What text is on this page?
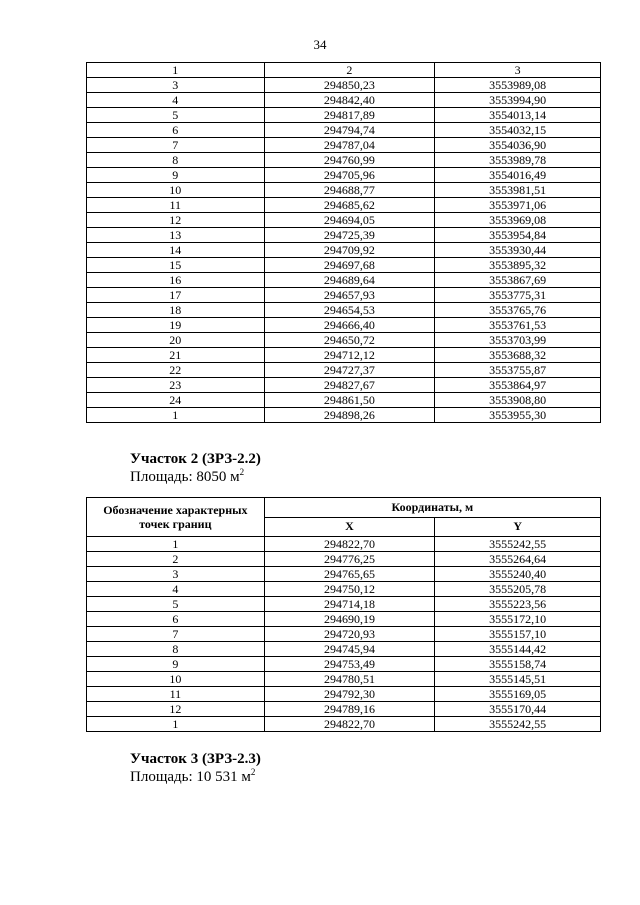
34
1	2	3
3	294850,23	3553989,08
4	294842,40	3553994,90
5	294817,89	3554013,14
6	294794,74	3554032,15
7	294787,04	3554036,90
8	294760,99	3553989,78
9	294705,96	3554016,49
10	294688,77	3553981,51
11	294685,62	3553971,06
12	294694,05	3553969,08
13	294725,39	3553954,84
14	294709,92	3553930,44
15	294697,68	3553895,32
16	294689,64	3553867,69
17	294657,93	3553775,31
18	294654,53	3553765,76
19	294666,40	3553761,53
20	294650,72	3553703,99
21	294712,12	3553688,32
22	294727,37	3553755,87
23	294827,67	3553864,97
24	294861,50	3553908,80
1	294898,26	3553955,30
Участок 2 (ЗРЗ-2.2)
Площадь: 8050 $м^2$
Обозначение характерных точек границ	Координаты, м	
	X	Y
1	294822,70	3555242,55
2	294776,25	3555264,64
3	294765,65	3555240,40
4	294750,12	3555205,78
5	294714,18	3555223,56
6	294690,19	3555172,10
7	294720,93	3555157,10
8	294745,94	3555144,42
9	294753,49	3555158,74
10	294780,51	3555145,51
11	294792,30	3555169,05
12	294789,16	3555170,44
1	294822,70	3555242,55
Участок 3 (ЗРЗ-2.3)
Площадь: 10 531 $м^2$
